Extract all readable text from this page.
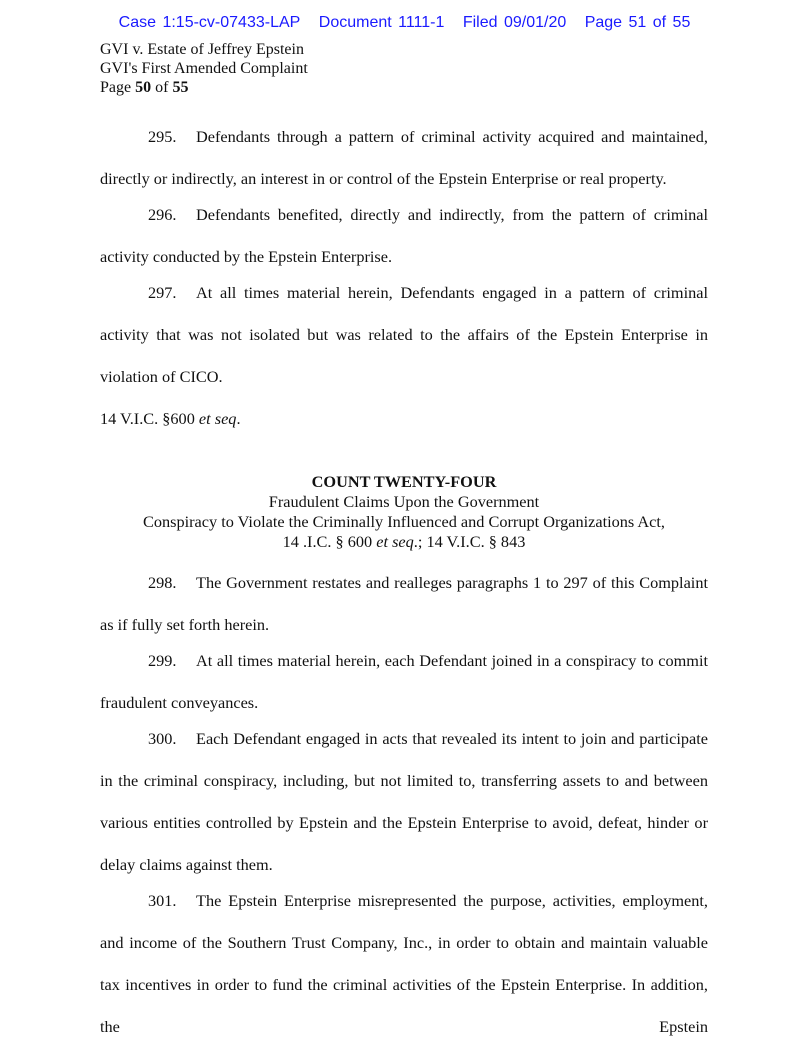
Case 1:15-cv-07433-LAP Document 1111-1 Filed 09/01/20 Page 51 of 55
GVI v. Estate of Jeffrey Epstein
GVI's First Amended Complaint
Page 50 of 55

295. Defendants through a pattern of criminal activity acquired and maintained, directly or indirectly, an interest in or control of the Epstein Enterprise or real property.

296. Defendants benefited, directly and indirectly, from the pattern of criminal activity conducted by the Epstein Enterprise.

297. At all times material herein, Defendants engaged in a pattern of criminal activity that was not isolated but was related to the affairs of the Epstein Enterprise in violation of CICO.
14 V.I.C. §600 et seq.

COUNT TWENTY-FOUR
Fraudulent Claims Upon the Government
Conspiracy to Violate the Criminally Influenced and Corrupt Organizations Act,
14 .I.C. § 600 et seq.; 14 V.I.C. § 843

298. The Government restates and realleges paragraphs 1 to 297 of this Complaint as if fully set forth herein.

299. At all times material herein, each Defendant joined in a conspiracy to commit fraudulent conveyances.

300. Each Defendant engaged in acts that revealed its intent to join and participate in the criminal conspiracy, including, but not limited to, transferring assets to and between various entities controlled by Epstein and the Epstein Enterprise to avoid, defeat, hinder or delay claims against them.

301. The Epstein Enterprise misrepresented the purpose, activities, employment, and income of the Southern Trust Company, Inc., in order to obtain and maintain valuable tax incentives in order to fund the criminal activities of the Epstein Enterprise. In addition, the Epstein
